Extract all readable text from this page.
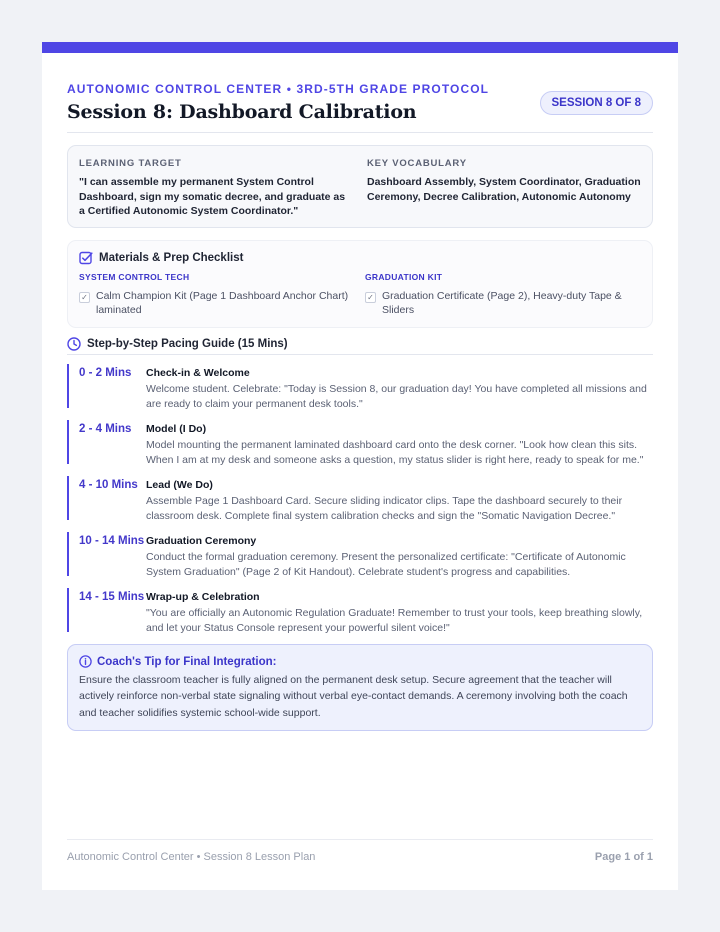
AUTONOMIC CONTROL CENTER • 3RD-5TH GRADE PROTOCOL
Session 8: Dashboard Calibration	SESSION 8 OF 8
LEARNING TARGET
"I can assemble my permanent System Control Dashboard, sign my somatic decree, and graduate as a Certified Autonomic System Coordinator."
KEY VOCABULARY
Dashboard Assembly, System Coordinator, Graduation Ceremony, Decree Calibration, Autonomic Autonomy
Materials & Prep Checklist
SYSTEM CONTROL TECH
✓ Calm Champion Kit (Page 1 Dashboard Anchor Chart) laminated
GRADUATION KIT
✓ Graduation Certificate (Page 2), Heavy-duty Tape & Sliders
Step-by-Step Pacing Guide (15 Mins)
0 - 2 Mins	Check-in & Welcome
Welcome student. Celebrate: "Today is Session 8, our graduation day! You have completed all missions and are ready to claim your permanent desk tools."
2 - 4 Mins	Model (I Do)
Model mounting the permanent laminated dashboard card onto the desk corner. "Look how clean this sits. When I am at my desk and someone asks a question, my status slider is right here, ready to speak for me."
4 - 10 Mins Lead (We Do)
Assemble Page 1 Dashboard Card. Secure sliding indicator clips. Tape the dashboard securely to their classroom desk. Complete final system calibration checks and sign the "Somatic Navigation Decree."
10 - 14 Mins Graduation Ceremony
Conduct the formal graduation ceremony. Present the personalized certificate: "Certificate of Autonomic System Graduation" (Page 2 of Kit Handout). Celebrate student's progress and capabilities.
14 - 15 Mins Wrap-up & Celebration
"You are officially an Autonomic Regulation Graduate! Remember to trust your tools, keep breathing slowly, and let your Status Console represent your powerful silent voice!"
Coach's Tip for Final Integration:
Ensure the classroom teacher is fully aligned on the permanent desk setup. Secure agreement that the teacher will actively reinforce non-verbal state signaling without verbal eye-contact demands. A ceremony involving both the coach and teacher solidifies systemic school-wide support.
Autonomic Control Center • Session 8 Lesson Plan	Page 1 of 1
